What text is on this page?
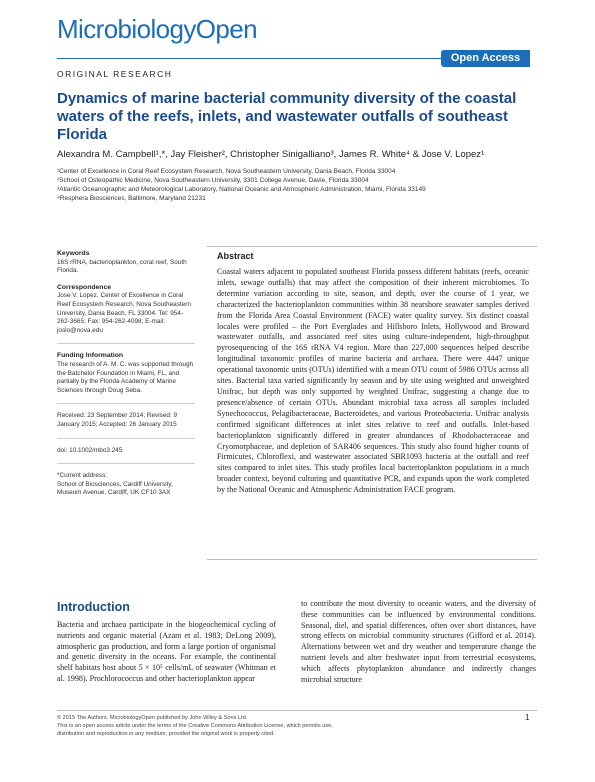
MicrobiologyOpen
Open Access
ORIGINAL RESEARCH
Dynamics of marine bacterial community diversity of the coastal waters of the reefs, inlets, and wastewater outfalls of southeast Florida
Alexandra M. Campbell¹,*, Jay Fleisher², Christopher Sinigalliano³, James R. White⁴ & Jose V. Lopez¹
¹Center of Excellence in Coral Reef Ecosystem Research, Nova Southeastern University, Dania Beach, Florida 33004
²School of Osteopathic Medicine, Nova Southeastern University, 3301 College Avenue, Davie, Florida 33004
³Atlantic Oceanographic and Meteorological Laboratory, National Oceanic and Atmospheric Administration, Miami, Florida 33149
⁴Resphera Biosciences, Baltimore, Maryland 21231
Keywords
16S rRNA, bacterioplankton, coral reef, South Florida.
Correspondence
Jose V. Lopez, Center of Excellence in Coral Reef Ecosystem Research, Nova Southeastern University, Dania Beach, FL 33004. Tel: 954-262-3665; Fax: 954-262-4098; E-mail: joslo@nova.edu
Funding Information
The research of A. M. C. was supported through the Batchelor Foundation in Miami, FL, and partially by the Florida Academy of Marine Sciences through Doug Seba.
Received: 23 September 2014; Revised: 9 January 2015; Accepted: 26 January 2015
doi: 10.1002/mbo3.245
*Current address:
School of Biosciences, Cardiff University, Museum Avenue, Cardiff, UK CF10 3AX
Abstract
Coastal waters adjacent to populated southeast Florida possess different habitats (reefs, oceanic inlets, sewage outfalls) that may affect the composition of their inherent microbiomes. To determine variation according to site, season, and depth, over the course of 1 year, we characterized the bacterioplankton communities within 38 nearshore seawater samples derived from the Florida Area Coastal Environment (FACE) water quality survey. Six distinct coastal locales were profiled – the Port Everglades and Hillsboro Inlets, Hollywood and Broward wastewater outfalls, and associated reef sites using culture-independent, high-throughput pyrosequencing of the 16S rRNA V4 region. More than 227,000 sequences helped describe longitudinal taxonomic profiles of marine bacteria and archaea. There were 4447 unique operational taxonomic units (OTUs) identified with a mean OTU count of 5986 OTUs across all sites. Bacterial taxa varied significantly by season and by site using weighted and unweighted Unifrac, but depth was only supported by weighted Unifrac, suggesting a change due to presence/absence of certain OTUs. Abundant microbial taxa across all samples included Synechococcus, Pelagibacteraceae, Bacteroidetes, and various Proteobacteria. Unifrac analysis confirmed significant differences at inlet sites relative to reef and outfalls. Inlet-based bacterioplankton significantly differed in greater abundances of Rhodobacteraceae and Cryomorphaceae, and depletion of SAR406 sequences. This study also found higher counts of Firmicutes, Chloroflexi, and wastewater associated SBR1093 bacteria at the outfall and reef sites compared to inlet sites. This study profiles local bacterioplankton populations in a much broader context, beyond culturing and quantitative PCR, and expands upon the work completed by the National Oceanic and Atmospheric Administration FACE program.
Introduction
Bacteria and archaea participate in the biogeochemical cycling of nutrients and organic material (Azam et al. 1983; DeLong 2009), atmospheric gas production, and form a large portion of organismal and genetic diversity in the oceans. For example, the continental shelf habitats host about 5 × 10⁵ cells/mL of seawater (Whitman et al. 1998). Prochlorococcus and other bacterioplankton appear
to contribute the most diversity to oceanic waters, and the diversity of these communities can be influenced by environmental conditions. Seasonal, diel, and spatial differences, often over short distances, have strong effects on microbial community structures (Gifford et al. 2014). Alternations between wet and dry weather and temperature change the nutrient levels and alter freshwater input from terrestrial ecosystems, which affects phytoplankton abundance and indirectly changes microbial structure
© 2015 The Authors. MicrobiologyOpen published by John Wiley & Sons Ltd.
This is an open access article under the terms of the Creative Commons Attribution License, which permits use,
distribution and reproduction in any medium, provided the original work is properly cited.
1
